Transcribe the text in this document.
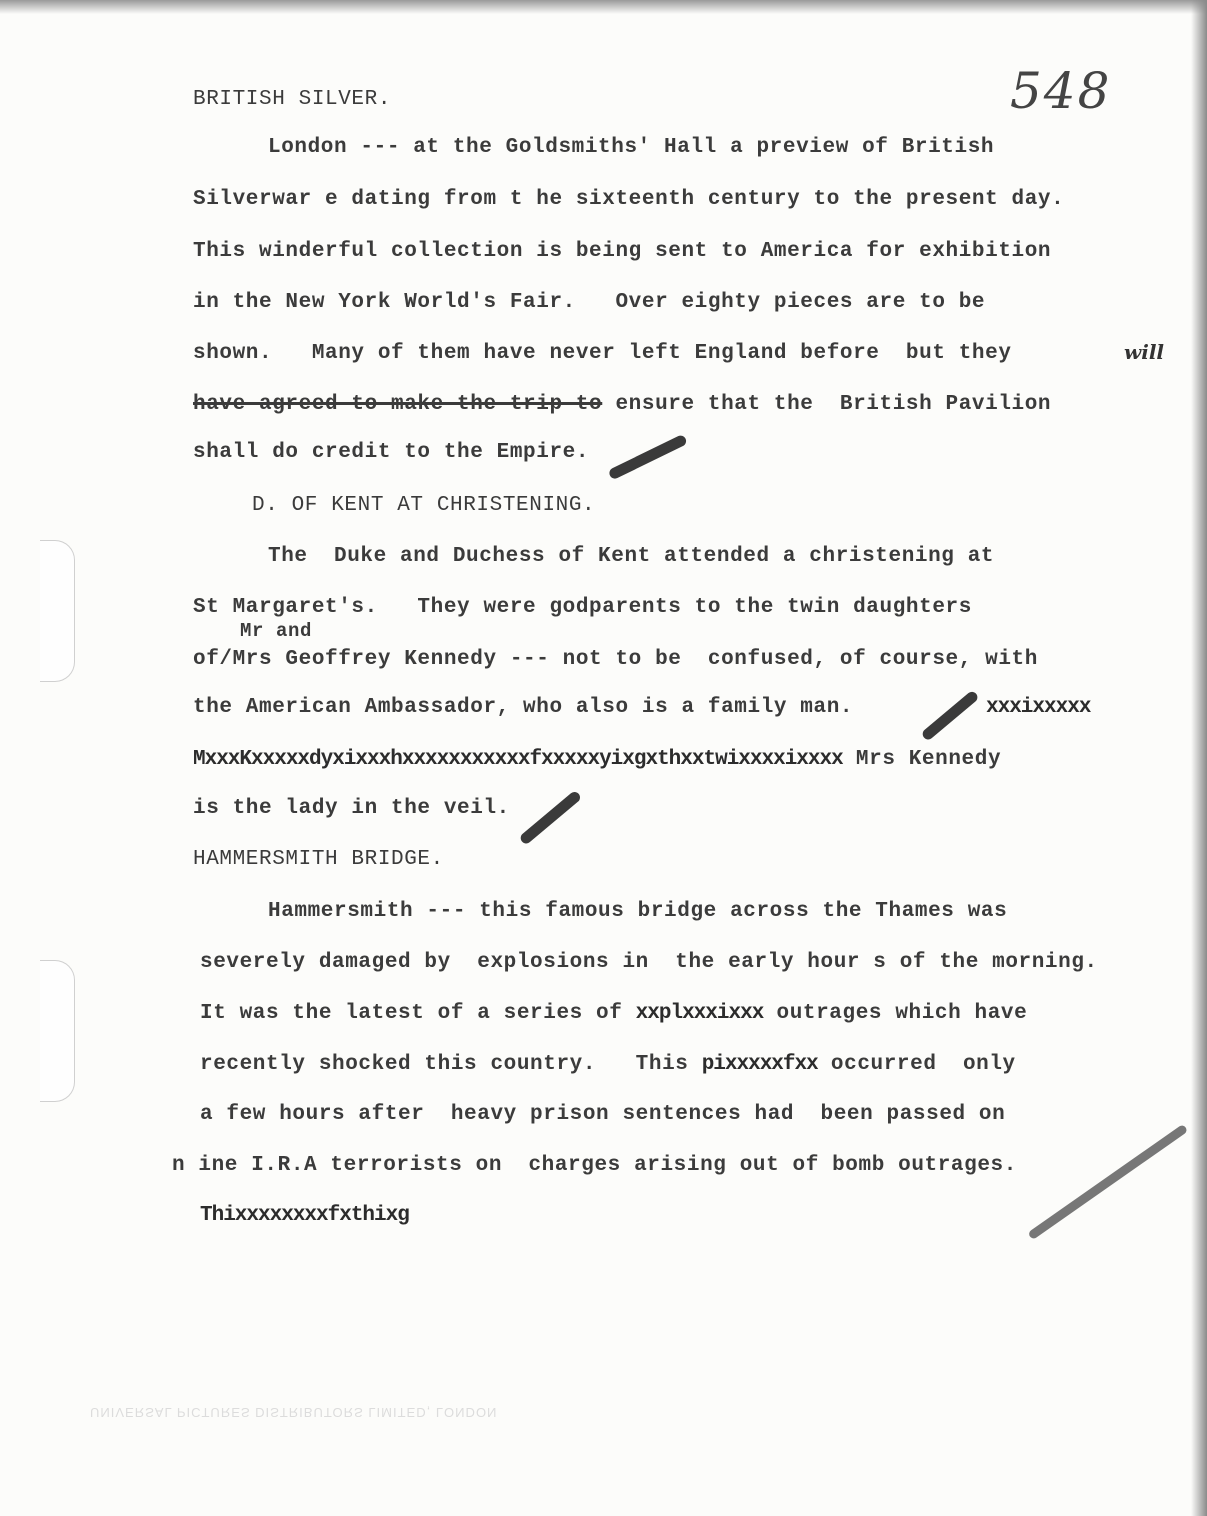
548
BRITISH SILVER.
London --- at the Goldsmiths' Hall a preview of British
Silverwar e dating from t he sixteenth century to the present day.
This winderful collection is being sent to America for exhibition
in the New York World's Fair.   Over eighty pieces are to be
shown.   Many of them have never left England before  but they	will
have agreed to make the trip to ensure that the  British Pavilion
shall do credit to the Empire.
D. OF KENT AT CHRISTENING.
The  Duke and Duchess of Kent attended a christening at
St Margaret's.   They were godparents to the twin daughters
Mr and
of/Mrs Geoffrey Kennedy --- not to be  confused, of course, with
the American Ambassador, who also is a family man.	xxxixxxxx
MxxxKxxxxxdyxixxxhxxxxxxxxxxxfxxxxxyixgxthxxtwixxxxixxxx Mrs Kennedy
is the lady in the veil.
HAMMERSMITH BRIDGE.
Hammersmith --- this famous bridge across the Thames was
severely damaged by  explosions in  the early hour s of the morning.
It was the latest of a series of xxplxxxixxx outrages which have
recently shocked this country.   This pixxxxxfxx occurred  only
a few hours after  heavy prison sentences had  been passed on
n ine I.R.A terrorists on  charges arising out of bomb outrages.
Thixxxxxxxxfxthixg
UNIVERSAL PICTURES DISTRIBUTORS LIMITED, LONDON
